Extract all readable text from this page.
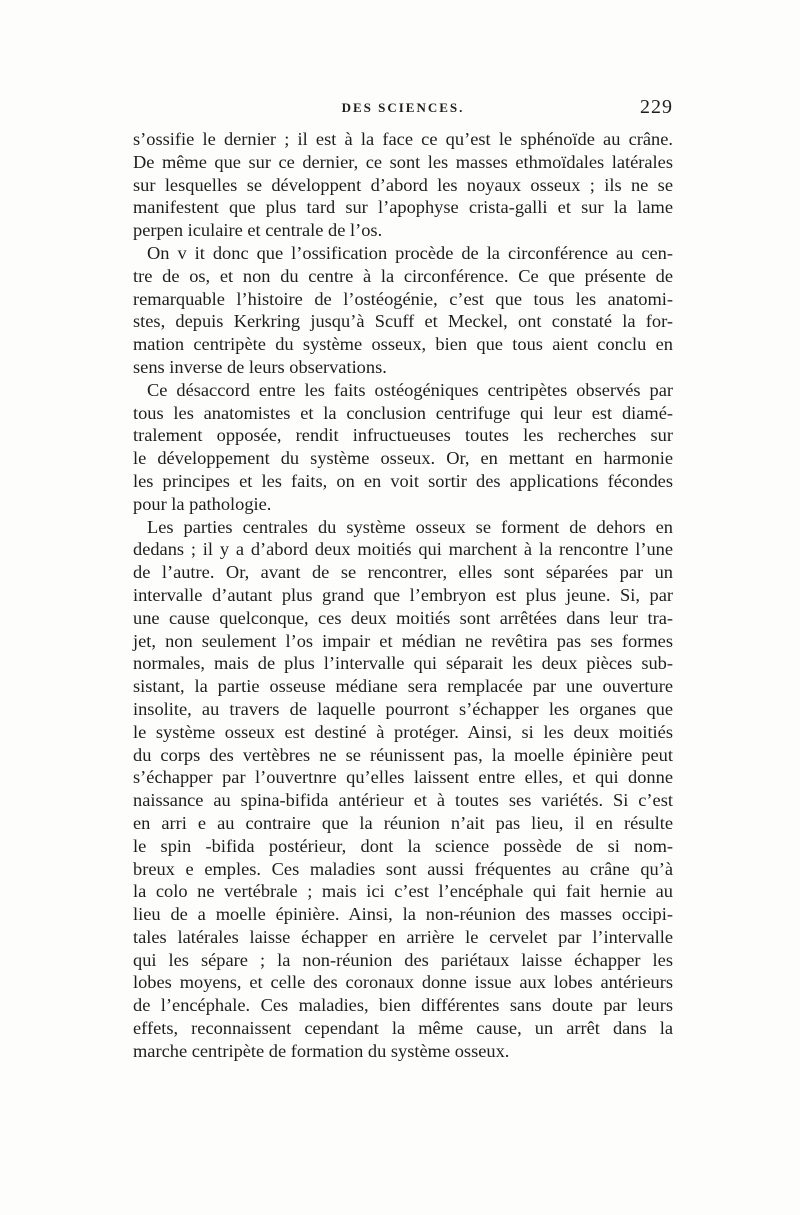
DES SCIENCES.	229
s’ossifie le dernier ; il est à la face ce qu’est le sphénoïde au crâne.
De même que sur ce dernier, ce sont les masses ethmoïdales latérales
sur lesquelles se développent d’abord les noyaux osseux ; ils ne se
manifestent que plus tard sur l’apophyse crista-galli et sur la lame
perpen iculaire et centrale de l’os.
On v it donc que l’ossification procède de la circonférence au cen-
tre de os, et non du centre à la circonférence. Ce que présente de
remarquable l’histoire de l’ostéogénie, c’est que tous les anatomi-
stes, depuis Kerkring jusqu’à Scuff et Meckel, ont constaté la for-
mation centripète du système osseux, bien que tous aient conclu en
sens inverse de leurs observations.
Ce désaccord entre les faits ostéogéniques centripètes observés par
tous les anatomistes et la conclusion centrifuge qui leur est diamé-
tralement opposée, rendit infructueuses toutes les recherches sur
le développement du système osseux. Or, en mettant en harmonie
les principes et les faits, on en voit sortir des applications fécondes
pour la pathologie.
Les parties centrales du système osseux se forment de dehors en
dedans ; il y a d’abord deux moitiés qui marchent à la rencontre l’une
de l’autre. Or, avant de se rencontrer, elles sont séparées par un
intervalle d’autant plus grand que l’embryon est plus jeune. Si, par
une cause quelconque, ces deux moitiés sont arrêtées dans leur tra-
jet, non seulement l’os impair et médian ne revêtira pas ses formes
normales, mais de plus l’intervalle qui séparait les deux pièces sub-
sistant, la partie osseuse médiane sera remplacée par une ouverture
insolite, au travers de laquelle pourront s’échapper les organes que
le système osseux est destiné à protéger. Ainsi, si les deux moitiés
du corps des vertèbres ne se réunissent pas, la moelle épinière peut
s’échapper par l’ouvertnre qu’elles laissent entre elles, et qui donne
naissance au spina-bifida antérieur et à toutes ses variétés. Si c’est
en arri e au contraire que la réunion n’ait pas lieu, il en résulte
le spin -bifida postérieur, dont la science possède de si nom-
breux e emples. Ces maladies sont aussi fréquentes au crâne qu’à
la colo ne vertébrale ; mais ici c’est l’encéphale qui fait hernie au
lieu de a moelle épinière. Ainsi, la non-réunion des masses occipi-
tales latérales laisse échapper en arrière le cervelet par l’intervalle
qui les sépare ; la non-réunion des pariétaux laisse échapper les
lobes moyens, et celle des coronaux donne issue aux lobes antérieurs
de l’encéphale. Ces maladies, bien différentes sans doute par leurs
effets, reconnaissent cependant la même cause, un arrêt dans la
marche centripète de formation du système osseux.
